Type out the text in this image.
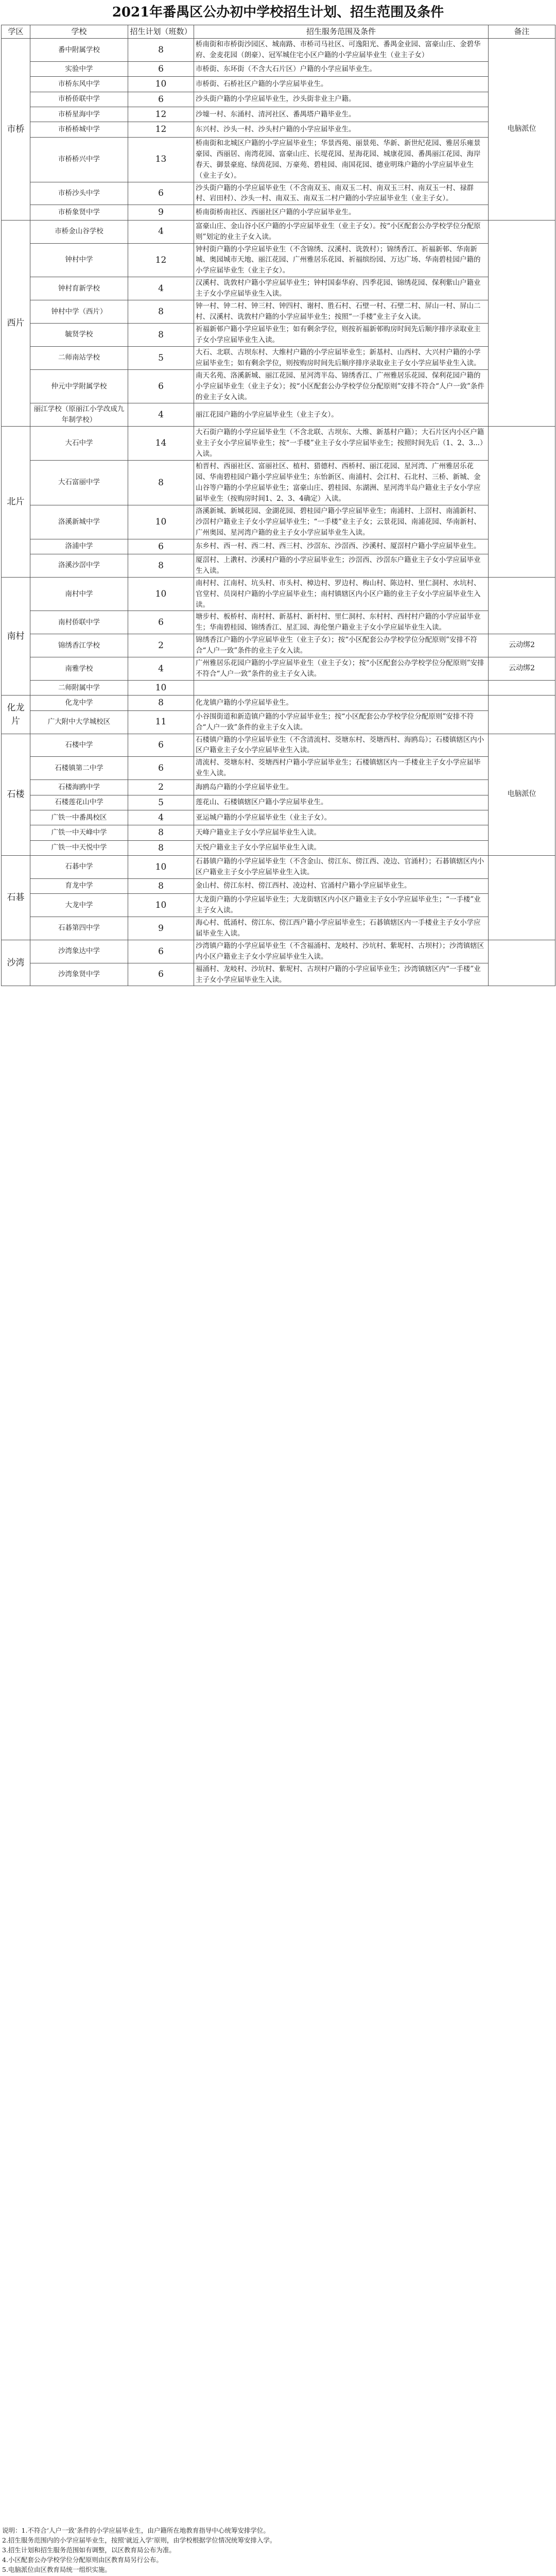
2021年番禺区公办初中学校招生计划、招生范围及条件
学区	学校	招生计划（班数）	招生服务范围及条件	备注
市桥	番中附属学校	8	桥南街和市桥街沙园区、城南路、市桥司马社区、可逸阳光、番禺金业园、富豪山庄、金碧华府、金麦花园（朗豪）、冠军城住宅小区户籍的小学应届毕业生（业主子女）	电脑派位
	实验中学	6	市桥街、东环街（不含大石片区）户籍的小学应届毕业生。	
	市桥东风中学	10	市桥街、石桥社区户籍的小学应届毕业生。	
	市桥侨联中学	6	沙头街户籍的小学应届毕业生，沙头街非业主户籍。	
	市桥星海中学	12	沙墟一村、东涌村、清河社区、番禺塔户籍毕业生。	
	市桥桥城中学	12	东兴村、沙头一村、沙头村户籍的小学应届毕业生。	
	市桥桥兴中学	13	桥南街和北城区户籍的小学应届毕业生；华景西苑、丽景苑、华新、新世纪花园、雅居乐雍景豪园、西丽居、南湾花园、富豪山庄、长堤花园、星海花园、城康花园、番禺丽江花园、海岸春天、御景豪庭、绿茵花园、万豪苑、碧桂园、南国花园、德业明珠户籍的小学应届毕业生（业主子女）。	
	市桥沙头中学	6	沙头街户籍的小学应届毕业生（不含南双玉、南双玉二村、南双玉三村、南双玉一村、禄群村、岩田村）、沙头一村、南双玉、南双玉二村户籍的小学应届毕业生（业主子女）。	
	市桥象贤中学	9	桥南街桥南社区、西丽社区户籍的小学应届毕业生。	
西片	市桥金山谷学校	4	富豪山庄、金山谷小区户籍的小学应届毕业生（业主子女）。按“小区配套公办学校学位分配原则”划定的业主子女入读。	
	钟村中学	12	钟村街户籍的小学应届毕业生（不含锦绣、汉溪村、诜敦村）；锦绣香江、祈福新邨、华南新城、奥园城市天地、丽江花园、广州雅居乐花园、祈福缤纷园、万达广场、华南碧桂园户籍的小学应届毕业生（业主子女）。	
	钟村育新学校	4	汉溪村、诜敦村户籍小学应届毕业生；钟村国泰华府、四季花园、锦绣花园、保利紫山户籍业主子女小学应届毕业生入读。	
	钟村中学（西片）	8	钟一村、钟二村、钟三村、钟四村、谢村、胜石村、石壁一村、石壁二村、屏山一村、屏山二村、汉溪村、诜敦村户籍的小学应届毕业生；按照“一手楼”业主子女入读。	
	毓贤学校	8	祈福新邨户籍小学应届毕业生；如有剩余学位，则按祈福新邨购房时间先后顺序排序录取业主子女小学应届毕业生入读。	
	二师南站学校	5	大石、北联、古坝东村、大维村户籍的小学应届毕业生；新基村、山西村、大兴村户籍的小学应届毕业生；如有剩余学位，则按购房时间先后顺序排序录取业主子女小学应届毕业生入读。	
	仲元中学附属学校	6	南天名苑、洛溪新城、丽江花园、星河湾半岛、锦绣香江、广州雅居乐花园、保利花园户籍的小学应届毕业生（业主子女）；按“小区配套公办学校学位分配原则”安排不符合“人户一致”条件的业主子女入读。	
	丽江学校（原丽江小学改成九年制学校）	4	丽江花园户籍的小学应届毕业生（业主子女）。	
北片	大石中学	14	大石街户籍的小学应届毕业生（不含北联、古坝东、大维、新基村户籍）；大石片区内小区户籍业主子女小学应届毕业生；按“一手楼”业主子女小学应届毕业生；按照时间先后（1、2、3...）入读。	
	大石富丽中学	8	柏晋村、西丽社区、富丽社区、植村、猎德村、西桥村、丽江花园、星河湾、广州雅居乐花园、华南碧桂园户籍小学应届毕业生；东怡新区、南浦村、会江村、石北村、三桥、新城、金山谷等户籍的小学应届毕业生；富豪山庄、碧桂园、东湖洲、星河湾半岛户籍业主子女小学应届毕业生（按购房时间1、2、3、4确定）入读。	
	洛溪新城中学	10	洛溪新城、新城花园、金湖花园、碧桂园户籍小学应届毕业生；南浦村、上滘村、南浦新村、沙滘村户籍业主子女小学应届毕业生；“一手楼”业主子女；云景花园、南浦花园、华南新村、广州奥园、星河湾户籍的业主子女小学应届毕业生入读。	
	洛浦中学	6	东乡村、西一村、西二村、西三村、沙滘东、沙滘西、沙溪村、厦滘村户籍小学应届毕业生。	
	洛溪沙滘中学	8	厦滘村、上漖村、沙溪村户籍的小学应届毕业生；沙滘西、沙滘东户籍业主子女小学应届毕业生入读。	
南村	南村中学	10	南村村、江南村、坑头村、市头村、樟边村、罗边村、梅山村、陈边村、里仁洞村、水坑村、官堂村、员岗村户籍的小学应届毕业生；南村镇辖区内小区户籍的业主子女小学应届毕业生入读。	
	南村侨联中学	6	塘步村、板桥村、南村村、新基村、新村村、里仁洞村、东村村、西村村户籍的小学应届毕业生；华南碧桂园、锦绣香江、星汇园、海伦堡户籍业主子女小学应届毕业生入读。	
	锦绣香江学校	2	锦绣香江户籍的小学应届毕业生（业主子女）；按“小区配套公办学校学位分配原则”安排不符合“人户一致”条件的业主子女入读。	云动绑2
	南雅学校	4	广州雅居乐花园户籍的小学应届毕业生（业主子女）；按“小区配套公办学校学位分配原则”安排不符合“人户一致”条件的业主子女入读。	云动绑2
	二师附属中学	10		
化龙片	化龙中学	8	化龙镇户籍的小学应届毕业生。	
	广大附中大学城校区	11	小谷围街道和新造镇户籍的小学应届毕业生；按“小区配套公办学校学位分配原则”安排不符合“人户一致”条件的业主子女入读。	
石楼	石楼中学	6	石楼镇户籍的小学应届毕业生（不含清流村、茭塘东村、茭塘西村、海鸥岛）；石楼镇辖区内小区户籍业主子女小学应届毕业生入读。	电脑派位
	石楼镇第二中学	6	清流村、茭塘东村、茭塘西村户籍小学应届毕业生；石楼镇辖区内一手楼业主子女小学应届毕业生入读。	
	石楼海鸥中学	2	海鸥岛户籍的小学应届毕业生。	
	石楼莲花山中学	5	莲花山、石楼镇辖区户籍小学应届毕业生。	
	广铁一中番禺校区	4	亚运城户籍的小学应届毕业生（业主子女）。	
	广铁一中天峰中学	8	天峰户籍业主子女小学应届毕业生入读。	
	广铁一中天悦中学	8	天悦户籍业主子女小学应届毕业生入读。	
石碁	石碁中学	10	石碁镇户籍的小学应届毕业生（不含金山、傍江东、傍江西、凌边、官涌村）；石碁镇辖区内小区户籍业主子女小学应届毕业生入读。	
	育龙中学	8	金山村、傍江东村、傍江西村、凌边村、官涌村户籍小学应届毕业生。	
	大龙中学	10	大龙街户籍的小学应届毕业生；大龙街辖区内小区户籍业主子女小学应届毕业生；“一手楼”业主子女入读。	
	石碁第四中学	9	海心村、低涌村、傍江东、傍江西户籍小学应届毕业生；石碁镇辖区内一手楼业主子女小学应届毕业生入读。	
沙湾	沙湾象达中学	6	沙湾镇户籍的小学应届毕业生（不含福涌村、龙岐村、沙坑村、紫坭村、古坝村）；沙湾镇辖区内小区户籍业主子女小学应届毕业生入读。	
	沙湾象贤中学	6	福涌村、龙岐村、沙坑村、紫坭村、古坝村户籍的小学应届毕业生；沙湾镇辖区内“一手楼”业主子女小学应届毕业生入读。	

说明：1.不符合‘人户一致’条件的小学应届毕业生，由户籍所在地教育指导中心统筹安排学位。

2.招生服务范围内的小学应届毕业生，按照‘就近入学’原则，由学校根据学位情况统筹安排入学。

3.招生计划和招生服务范围如有调整，以区教育局公布为准。

4.小区配套公办学校学位分配原则由区教育局另行公布。

5.电脑派位由区教育局统一组织实施。
